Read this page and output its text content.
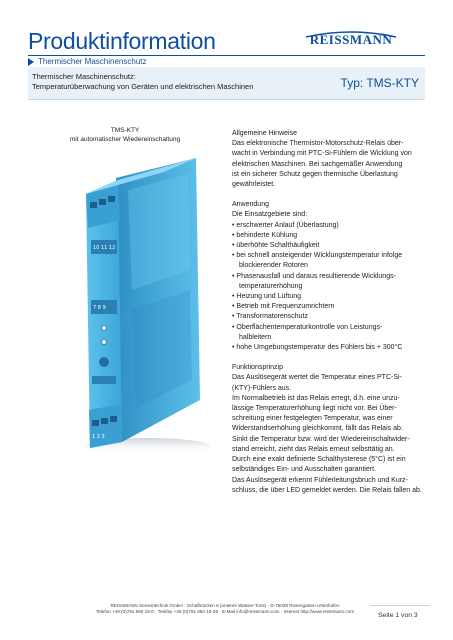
Produktinformation
Thermischer Maschinenschutz
REISSMANN
Thermischer Maschinenschutz:
Temperaturüberwachung von Geräten und elektrischen Maschinen	Typ: TMS-KTY
TMS-KTY
mit automatischer Wiedereinschaltung
10 11 12
7 8 9
1 2 3

Allgemeine Hinweise

Das elektronische Thermistor-Motorschutz-Relais über-

wacht in Verbindung mit PTC-Si-Fühlern die Wicklung von

elektrischen Maschinen. Bei sachgemäßer Anwendung

ist ein sicherer Schutz gegen thermische Überlastung

gewährleistet.

Anwendung

Die Einsatzgebiete sind:

• erschwerter Anlauf (Überlastung)

• behinderte Kühlung

• überhöhte Schalthäufigkeit

• bei schnell ansteigender Wicklungstemperatur infolge

blockierender Rotoren

• Phasenausfall und daraus resultierende Wicklungs-

temperaturerhöhung

• Heizung und Lüftung

• Betrieb mit Frequenzumrichtern

• Transformatorenschutz

• Oberflächentemperaturkontrolle von Leistungs-

halbleitern

• hohe Umgebungstemperatur des Fühlers bis + 300°C

Funktionsprinzip

Das Auslösegerät wertet die Temperatur eines PTC-Si-

(KTY)-Fühlers aus.

Im Normalbetrieb ist das Relais erregt, d.h. eine unzu-

lässige Temperaturerhöhung liegt nicht vor. Bei Über-

schreitung einer festgelegten Temperatur, was einer

Widerstandserhöhung gleichkommt, fällt das Relais ab.

Sinkt die Temperatur bzw. wird der Wiedereinschaltwider-

stand erreicht, zieht das Relais erneut selbsttätig an.

Durch eine exakt definierte Schalthysterese (5°C) ist ein

selbständiges Ein- und Ausschalten garantiert.

Das Auslösegerät erkennt Fühlerleitungsbruch und Kurz-

schluss, die über LED gemeldet werden. Die Relais fallen ab.

REISSMANN Sensortechnik GmbH · Schafbrücken 6 (unteres Wasser-Tons) · D-75038 Rosengarten-Uttenhofen
Telefon +49 (0)791 950 15-0 · Telefax +49 (0)791 950 15-29 · E-Mail info@reissmann.com · Internet http://www.reissmann.com
Seite 1 von 3
